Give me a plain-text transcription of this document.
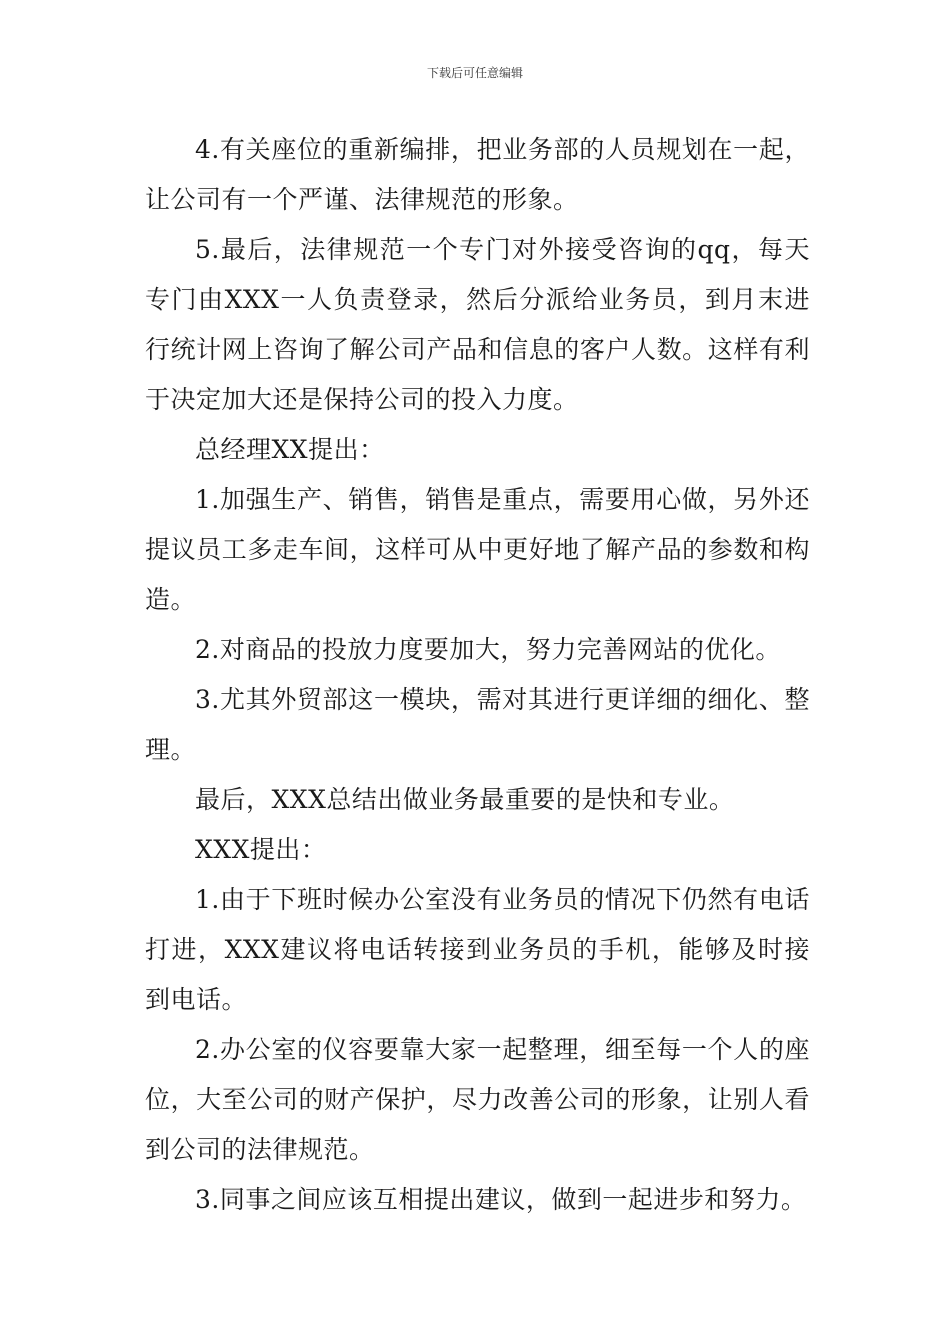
下载后可任意编辑

4.有关座位的重新编排，把业务部的人员规划在一起，让公司有一个严谨、法律规范的形象。

5.最后，法律规范一个专门对外接受咨询的qq，每天专门由XXX一人负责登录，然后分派给业务员，到月末进行统计网上咨询了解公司产品和信息的客户人数。这样有利于决定加大还是保持公司的投入力度。

总经理XX提出：

1.加强生产、销售，销售是重点，需要用心做，另外还提议员工多走车间，这样可从中更好地了解产品的参数和构造。

2.对商品的投放力度要加大，努力完善网站的优化。

3.尤其外贸部这一模块，需对其进行更详细的细化、整理。

最后，XXX总结出做业务最重要的是快和专业。

XXX提出：

1.由于下班时候办公室没有业务员的情况下仍然有电话打进，XXX建议将电话转接到业务员的手机，能够及时接到电话。

2.办公室的仪容要靠大家一起整理，细至每一个人的座位，大至公司的财产保护，尽力改善公司的形象，让别人看到公司的法律规范。

3.同事之间应该互相提出建议，做到一起进步和努力。
